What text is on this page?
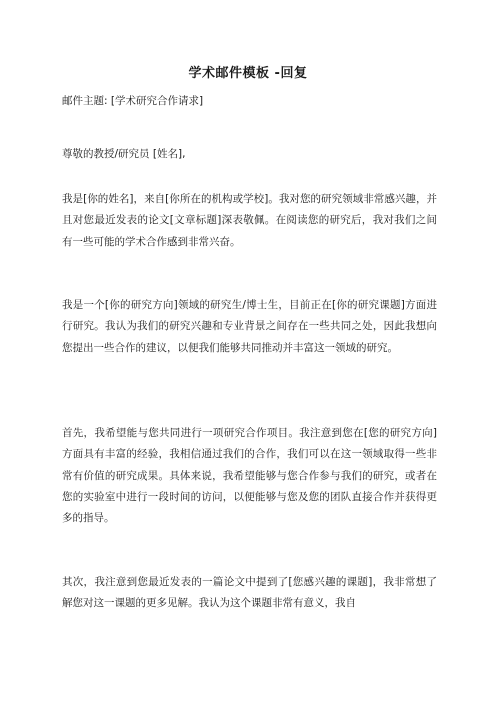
学术邮件模板 -回复
邮件主题: [学术研究合作请求]
尊敬的教授/研究员 [姓名],
我是[你的姓名]，来自[你所在的机构或学校]。我对您的研究领域非常感兴趣，并且对您最近发表的论文[文章标题]深表敬佩。在阅读您的研究后，我对我们之间有一些可能的学术合作感到非常兴奋。
我是一个[你的研究方向]领域的研究生/博士生，目前正在[你的研究课题]方面进行研究。我认为我们的研究兴趣和专业背景之间存在一些共同之处，因此我想向您提出一些合作的建议，以便我们能够共同推动并丰富这一领域的研究。
首先，我希望能与您共同进行一项研究合作项目。我注意到您在[您的研究方向]方面具有丰富的经验，我相信通过我们的合作，我们可以在这一领域取得一些非常有价值的研究成果。具体来说，我希望能够与您合作参与我们的研究，或者在您的实验室中进行一段时间的访问，以便能够与您及您的团队直接合作并获得更多的指导。
其次，我注意到您最近发表的一篇论文中提到了[您感兴趣的课题]，我非常想了解您对这一课题的更多见解。我认为这个课题非常有意义，我自
